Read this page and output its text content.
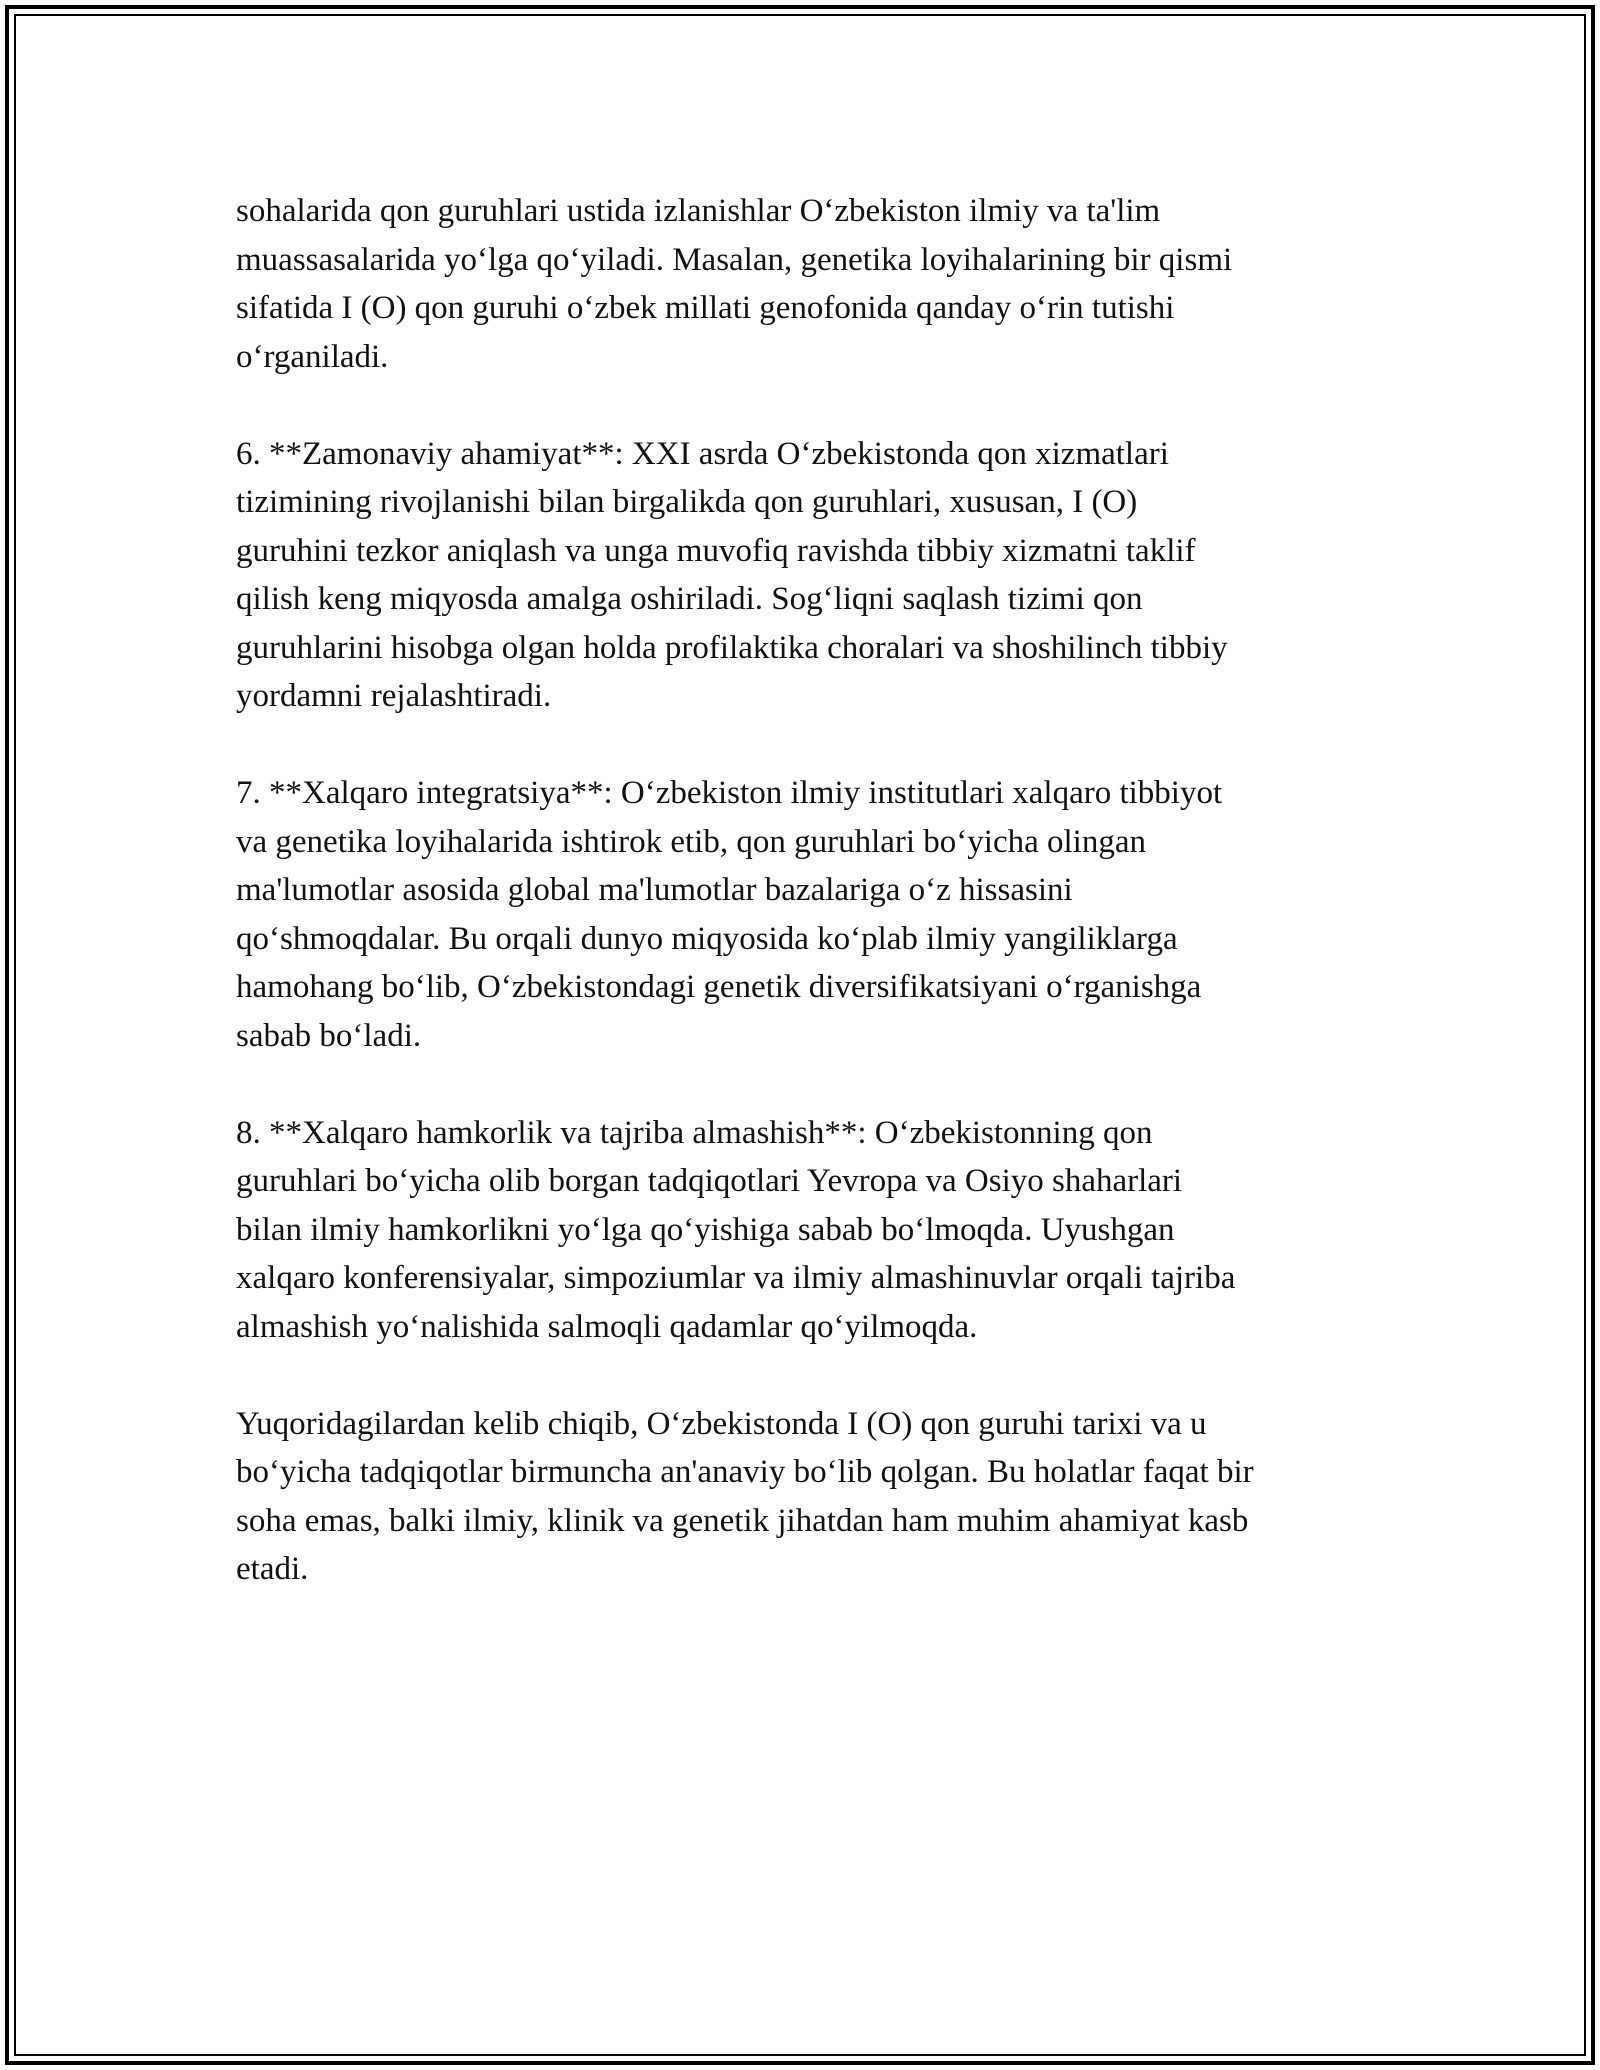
sohalarida qon guruhlari ustida izlanishlar O‘zbekiston ilmiy va ta'lim
muassasalarida yo‘lga qo‘yiladi. Masalan, genetika loyihalarining bir qismi
sifatida I (O) qon guruhi o‘zbek millati genofonida qanday o‘rin tutishi
o‘rganiladi.

6. **Zamonaviy ahamiyat**: XXI asrda O‘zbekistonda qon xizmatlari
tizimining rivojlanishi bilan birgalikda qon guruhlari, xususan, I (O)
guruhini tezkor aniqlash va unga muvofiq ravishda tibbiy xizmatni taklif
qilish keng miqyosda amalga oshiriladi. Sog‘liqni saqlash tizimi qon
guruhlarini hisobga olgan holda profilaktika choralari va shoshilinch tibbiy
yordamni rejalashtiradi.

7. **Xalqaro integratsiya**: O‘zbekiston ilmiy institutlari xalqaro tibbiyot
va genetika loyihalarida ishtirok etib, qon guruhlari bo‘yicha olingan
ma'lumotlar asosida global ma'lumotlar bazalariga o‘z hissasini
qo‘shmoqdalar. Bu orqali dunyo miqyosida ko‘plab ilmiy yangiliklarga
hamohang bo‘lib, O‘zbekistondagi genetik diversifikatsiyani o‘rganishga
sabab bo‘ladi.

8. **Xalqaro hamkorlik va tajriba almashish**: O‘zbekistonning qon
guruhlari bo‘yicha olib borgan tadqiqotlari Yevropa va Osiyo shaharlari
bilan ilmiy hamkorlikni yo‘lga qo‘yishiga sabab bo‘lmoqda. Uyushgan
xalqaro konferensiyalar, simpoziumlar va ilmiy almashinuvlar orqali tajriba
almashish yo‘nalishida salmoqli qadamlar qo‘yilmoqda.

Yuqoridagilardan kelib chiqib, O‘zbekistonda I (O) qon guruhi tarixi va u
bo‘yicha tadqiqotlar birmuncha an'anaviy bo‘lib qolgan. Bu holatlar faqat bir
soha emas, balki ilmiy, klinik va genetik jihatdan ham muhim ahamiyat kasb
etadi.
